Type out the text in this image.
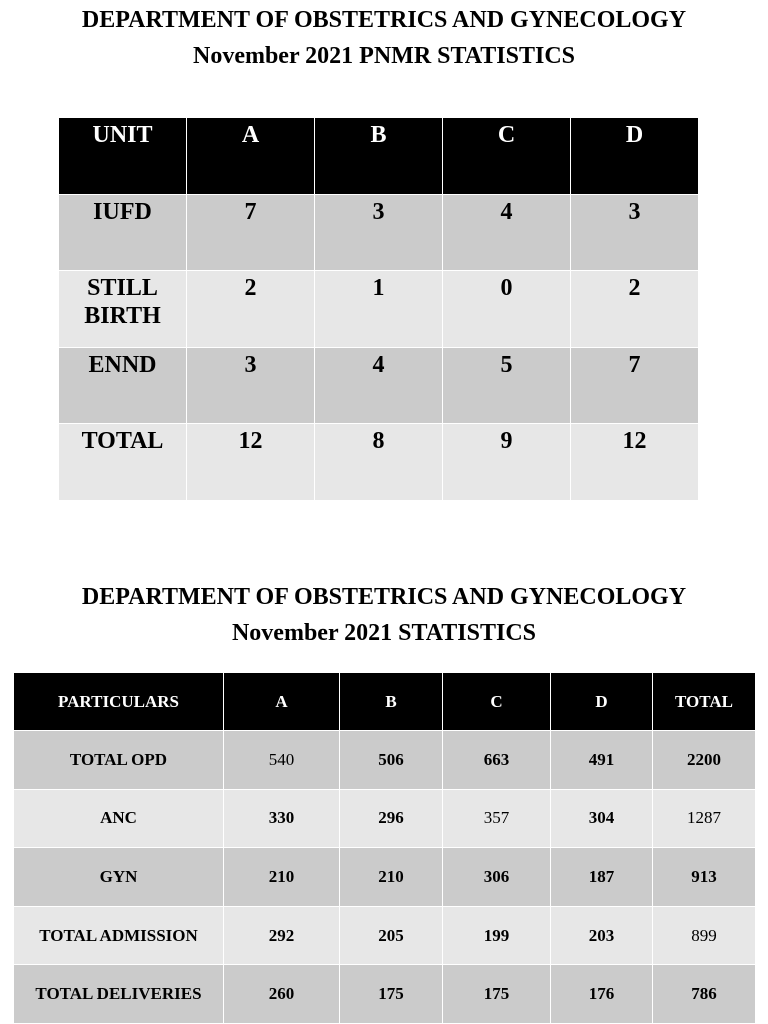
DEPARTMENT OF OBSTETRICS AND GYNECOLOGY
November 2021 PNMR STATISTICS
UNIT	A	B	C	D
IUFD	7	3	4	3
STILL BIRTH	2	1	0	2
ENND	3	4	5	7
TOTAL	12	8	9	12
DEPARTMENT OF OBSTETRICS AND GYNECOLOGY
November 2021 STATISTICS
PARTICULARS	A	B	C	D	TOTAL
TOTAL OPD	540	506	663	491	2200
ANC	330	296	357	304	1287
GYN	210	210	306	187	913
TOTAL ADMISSION	292	205	199	203	899
TOTAL DELIVERIES	260	175	175	176	786
